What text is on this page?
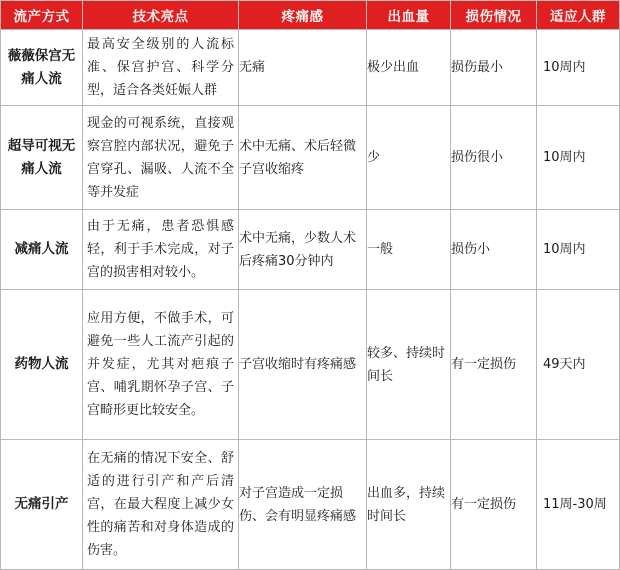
流产方式	技术亮点	疼痛感	出血量	损伤情况	适应人群
薇薇保宫无痛人流	最高安全级别的人流标准、保宫护宫、科学分型，适合各类妊娠人群	无痛	极少出血	损伤最小	10周内
超导可视无痛人流	现金的可视系统，直接观察宫腔内部状况，避免子宫穿孔、漏吸、人流不全等并发症	术中无痛、术后轻微子宫收缩疼	少	损伤很小	10周内
减痛人流	由于无痛，患者恐惧感轻，利于手术完成，对子宫的损害相对较小。	术中无痛，少数人术后疼痛30分钟内	一般	损伤小	10周内
药物人流	应用方便，不做手术，可避免一些人工流产引起的并发症，尤其对疤痕子宫、哺乳期怀孕子宫、子宫畸形更比较安全。	子宫收缩时有疼痛感	较多、持续时间长	有一定损伤	49天内
无痛引产	在无痛的情况下安全、舒适的进行引产和产后清宫，在最大程度上减少女性的痛苦和对身体造成的伤害。	对子宫造成一定损伤、会有明显疼痛感	出血多，持续时间长	有一定损伤	11周-30周
